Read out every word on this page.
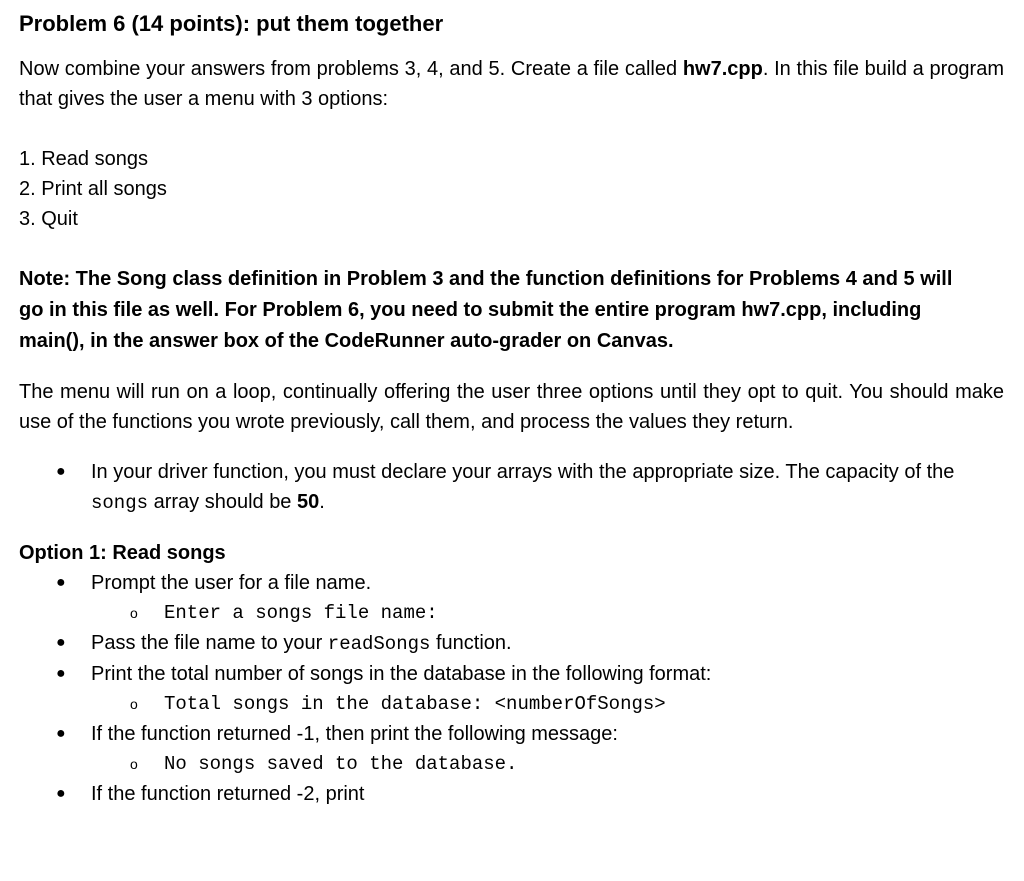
Problem 6 (14 points): put them together

Now combine your answers from problems 3, 4, and 5. Create a file called hw7.cpp. In this file build a program that gives the user a menu with 3 options:

1. Read songs
2. Print all songs
3. Quit

Note: The Song class definition in Problem 3 and the function definitions for Problems 4 and 5 will go in this file as well. For Problem 6, you need to submit the entire program hw7.cpp, including main(), in the answer box of the CodeRunner auto-grader on Canvas.

The menu will run on a loop, continually offering the user three options until they opt to quit. You should make use of the functions you wrote previously, call them, and process the values they return.

● In your driver function, you must declare your arrays with the appropriate size. The capacity of the songs array should be 50.
Option 1: Read songs
● Prompt the user for a file name.
o Enter a songs file name:
● Pass the file name to your readSongs function.
● Print the total number of songs in the database in the following format:
o Total songs in the database: <numberOfSongs>
● If the function returned -1, then print the following message:
o No songs saved to the database.
● If the function returned -2, print
